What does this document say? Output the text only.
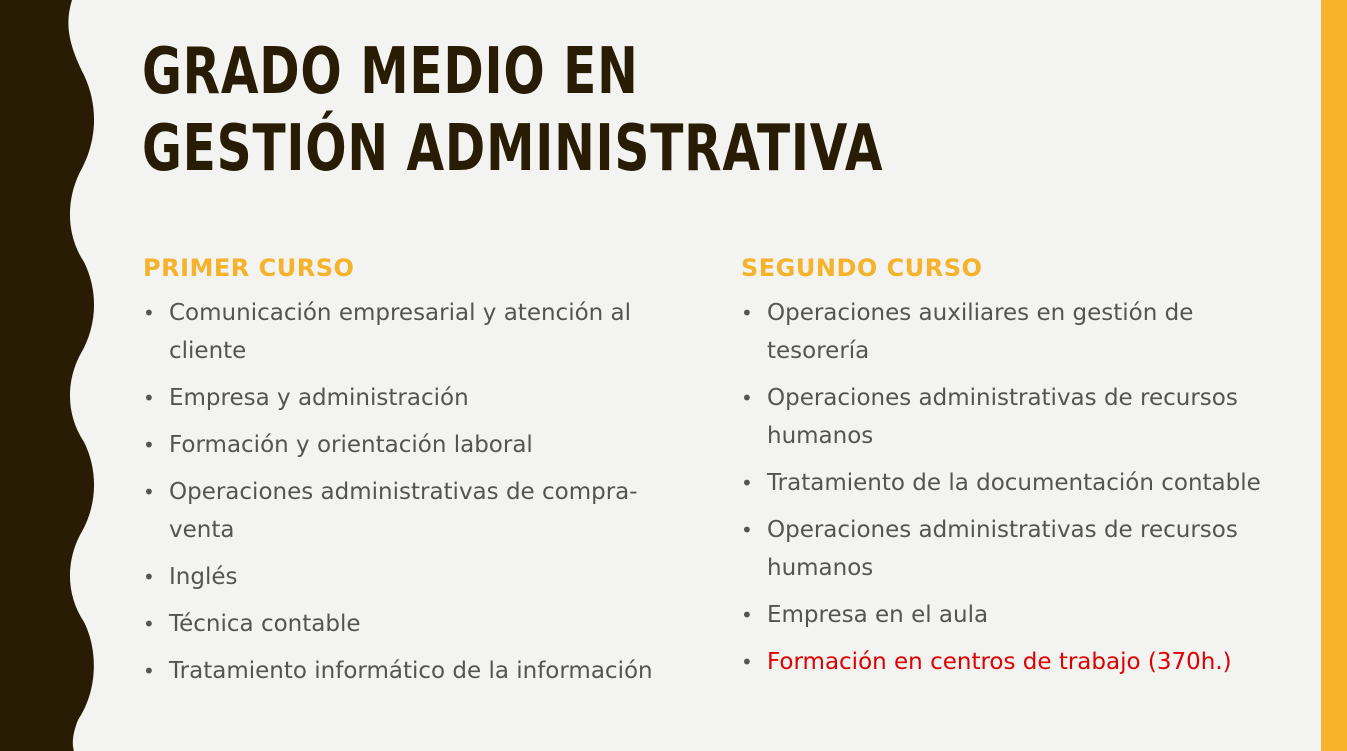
GRADO MEDIO EN
GESTIÓN ADMINISTRATIVA
PRIMER CURSO
• Comunicación empresarial y atención al cliente
• Empresa y administración
• Formación y orientación laboral
• Operaciones administrativas de compra-venta
• Inglés
• Técnica contable
• Tratamiento informático de la información
SEGUNDO CURSO
• Operaciones auxiliares en gestión de tesorería
• Operaciones administrativas de recursos humanos
• Tratamiento de la documentación contable
• Operaciones administrativas de recursos humanos
• Empresa en el aula
• Formación en centros de trabajo (370h.)
